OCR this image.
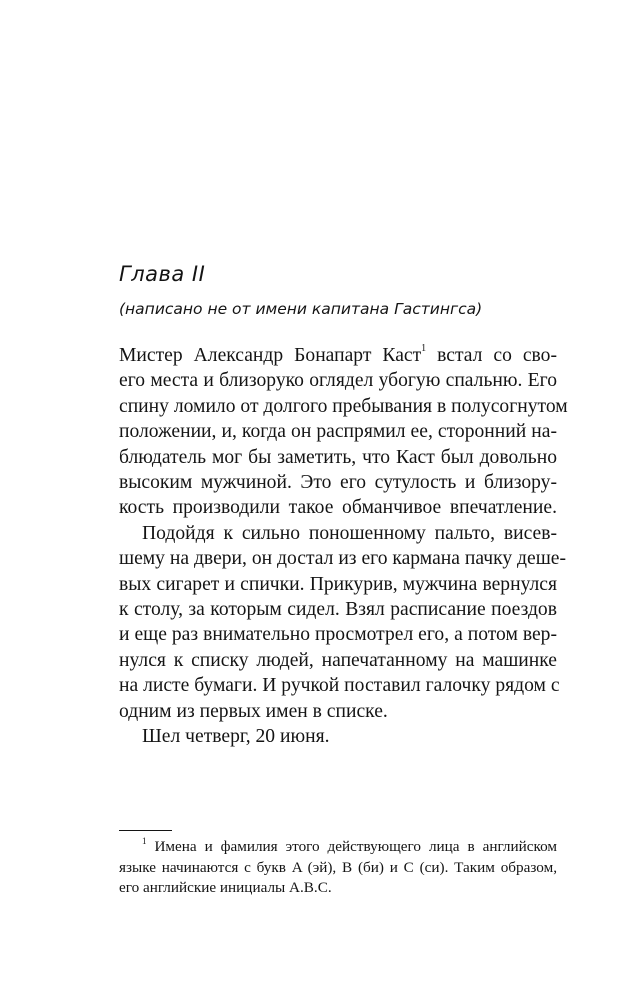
Глава II

(написано не от имени капитана Гастингса)

Мистер Александр Бонапарт Каст$^1$ встал со сво-
его места и близоруко оглядел убогую спальню. Его
спину ломило от долгого пребывания в полусогнутом
положении, и, когда он распрямил ее, сторонний на-
блюдатель мог бы заметить, что Каст был довольно
высоким мужчиной. Это его сутулость и близору-
кость производили такое обманчивое впечатление.

Подойдя к сильно поношенному пальто, висев-
шему на двери, он достал из его кармана пачку деше-
вых сигарет и спички. Прикурив, мужчина вернулся
к столу, за которым сидел. Взял расписание поездов
и еще раз внимательно просмотрел его, а потом вер-
нулся к списку людей, напечатанному на машинке
на листе бумаги. И ручкой поставил галочку рядом с
одним из первых имен в списке.

Шел четверг, 20 июня.

$^1$ Имена и фамилия этого действующего лица в английском
языке начинаются с букв A (эй), B (би) и C (си). Таким образом,
его английские инициалы A.B.C.
